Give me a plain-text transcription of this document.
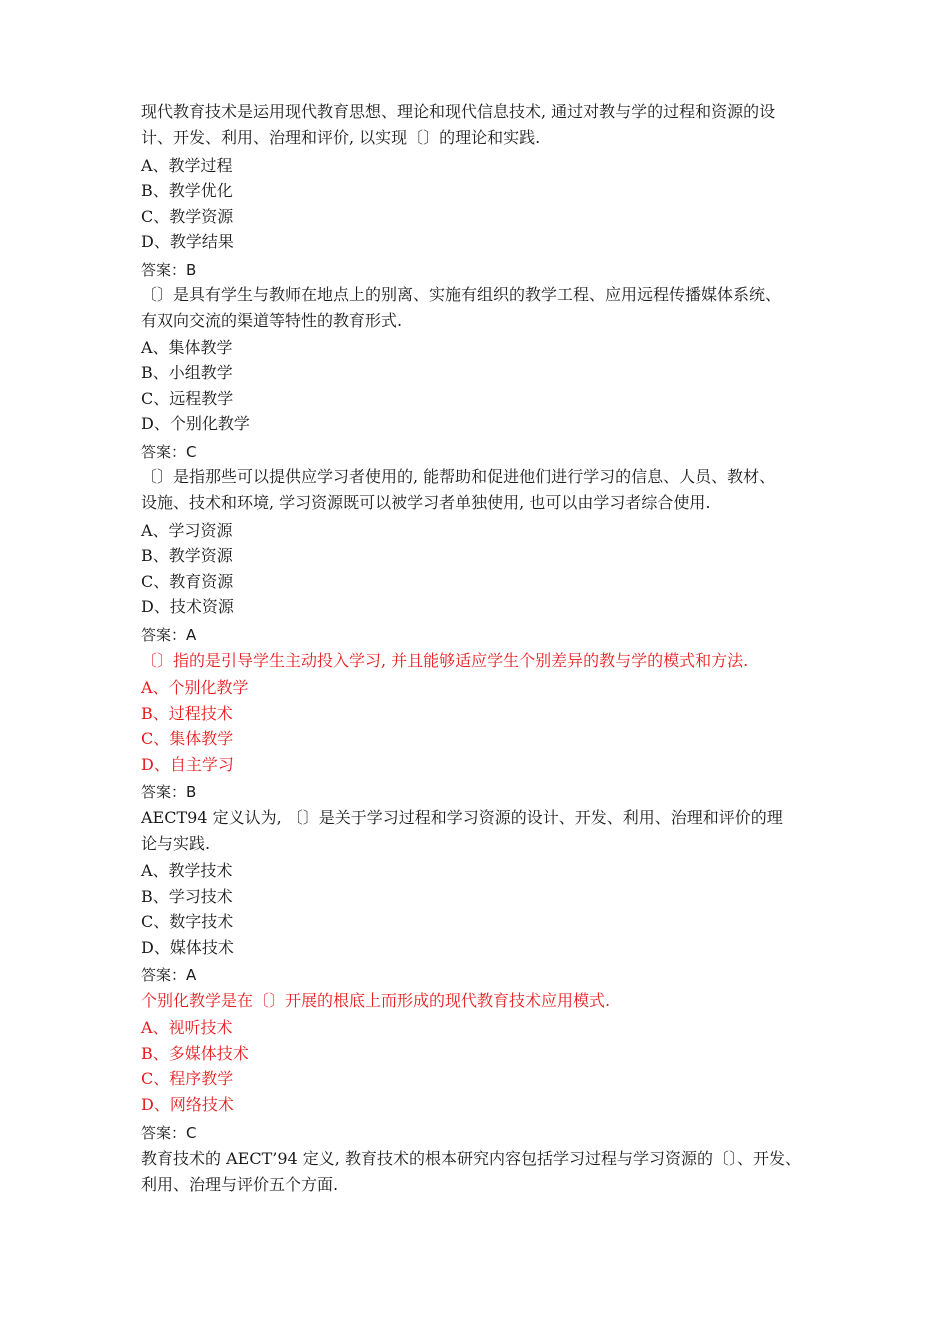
现代教育技术是运用现代教育思想、理论和现代信息技术, 通过对教与学的过程和资源的设
计、开发、利用、治理和评价, 以实现〔〕的理论和实践.

A、教学过程

B、教学优化

C、教学资源

D、教学结果

答案：B

〔〕是具有学生与教师在地点上的别离、实施有组织的教学工程、应用远程传播媒体系统、
有双向交流的渠道等特性的教育形式.

A、集体教学

B、小组教学

C、远程教学

D、个别化教学

答案：C

〔〕是指那些可以提供应学习者使用的, 能帮助和促进他们进行学习的信息、人员、教材、
设施、技术和环境, 学习资源既可以被学习者单独使用, 也可以由学习者综合使用.

A、学习资源

B、教学资源

C、教育资源

D、技术资源

答案：A

〔〕指的是引导学生主动投入学习, 并且能够适应学生个别差异的教与学的模式和方法.

A、个别化教学

B、过程技术

C、集体教学

D、自主学习

答案：B

AECT94 定义认为, 〔〕是关于学习过程和学习资源的设计、开发、利用、治理和评价的理
论与实践.

A、教学技术

B、学习技术

C、数字技术

D、媒体技术

答案：A

个别化教学是在〔〕开展的根底上而形成的现代教育技术应用模式.

A、视听技术

B、多媒体技术

C、程序教学

D、网络技术

答案：C

教育技术的 AECT’94 定义, 教育技术的根本研究内容包括学习过程与学习资源的〔〕、开发、
利用、治理与评价五个方面.
